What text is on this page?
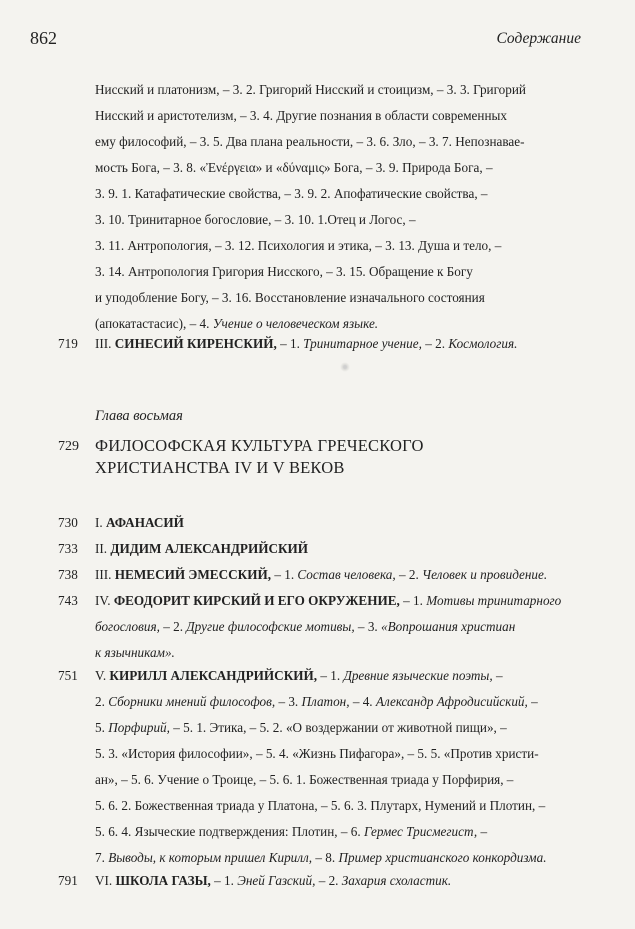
862	Содержание
Нисский и платонизм, – 3. 2. Григорий Нисский и стоицизм, – 3. 3. Григорий
Нисский и аристотелизм, – 3. 4. Другие познания в области современных
ему философий, – 3. 5. Два плана реальности, – 3. 6. Зло, – 3. 7. Непознавае-
мость Бога, – 3. 8. «Ἐνέργεια» и «δύναμις» Бога, – 3. 9. Природа Бога, –
3. 9. 1. Катафатические свойства, – 3. 9. 2. Апофатические свойства, –
3. 10. Тринитарное богословие, – 3. 10. 1.Отец и Логос, –
3. 11. Антропология, – 3. 12. Психология и этика, – 3. 13. Душа и тело, –
3. 14. Антропология Григория Нисского, – 3. 15. Обращение к Богу
и уподобление Богу, – 3. 16. Восстановление изначального состояния
(апокатастасис), – 4. Учение о человеческом языке.
719	III. СИНЕСИЙ КИРЕНСКИЙ, – 1. Тринитарное учение, – 2. Космология.
Глава восьмая
729 ФИЛОСОФСКАЯ КУЛЬТУРА ГРЕЧЕСКОГО
ХРИСТИАНСТВА IV И V ВЕКОВ
730	I. АФАНАСИЙ
733	II. ДИДИМ АЛЕКСАНДРИЙСКИЙ
738	III. НЕМЕСИЙ ЭМЕССКИЙ, – 1. Состав человека, – 2. Человек и провидение.
743	IV. ФЕОДОРИТ КИРСКИЙ И ЕГО ОКРУЖЕНИЕ, – 1. Мотивы тринитарного
богословия, – 2. Другие философские мотивы, – 3. «Вопрошания христиан
к язычникам».
751	V. КИРИЛЛ АЛЕКСАНДРИЙСКИЙ, – 1. Древние языческие поэты, –
2. Сборники мнений философов, – 3. Платон, – 4. Александр Афродисийский, –
5. Порфирий, – 5. 1. Этика, – 5. 2. «О воздержании от животной пищи», –
5. 3. «История философии», – 5. 4. «Жизнь Пифагора», – 5. 5. «Против христи-
ан», – 5. 6. Учение о Троице, – 5. 6. 1. Божественная триада у Порфирия, –
5. 6. 2. Божественная триада у Платона, – 5. 6. 3. Плутарх, Нумений и Плотин, –
5. 6. 4. Языческие подтверждения: Плотин, – 6. Гермес Трисмегист, –
7. Выводы, к которым пришел Кирилл, – 8. Пример христианского конкордизма.
791	VI. ШКОЛА ГАЗЫ, – 1. Эней Газский, – 2. Захария схоластик.
